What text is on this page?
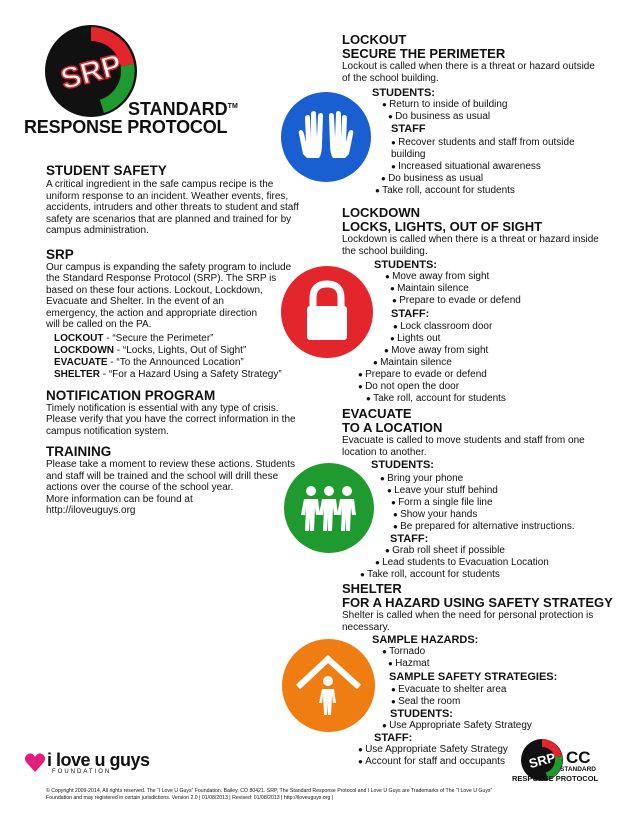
SRP
STANDARD™
RESPONSE PROTOCOL
STUDENT SAFETY
A critical ingredient in the safe campus recipe is the
uniform response to an incident. Weather events, fires,
accidents, intruders and other threats to student and staff
safety are scenarios that are planned and trained for by
campus administration.
SRP
Our campus is expanding the safety program to include
the Standard Response Protocol (SRP). The SRP is
based on these four actions. Lockout, Lockdown,
Evacuate and Shelter. In the event of an
emergency, the action and appropriate direction
will be called on the PA.
LOCKOUT - “Secure the Perimeter”
LOCKDOWN - “Locks, Lights, Out of Sight”
EVACUATE - “To the Announced Location”
SHELTER - “For a Hazard Using a Safety Strategy”
NOTIFICATION PROGRAM
Timely notification is essential with any type of crisis.
Please verify that you have the correct information in the
campus notification system.
TRAINING
Please take a moment to review these actions. Students
and staff will be trained and the school will drill these
actions over the course of the school year.
More information can be found at
http://iloveuguys.org
LOCKOUT
SECURE THE PERIMETER
Lockout is called when there is a threat or hazard outside
of the school building.
STUDENTS:
● Return to inside of building
● Do business as usual
STAFF
● Recover students and staff from outside
building
● Increased situational awareness
● Do business as usual
● Take roll, account for students
LOCKDOWN
LOCKS, LIGHTS, OUT OF SIGHT
Lockdown is called when there is a threat or hazard inside
the school building.
STUDENTS:
● Move away from sight
● Maintain silence
● Prepare to evade or defend
STAFF:
● Lock classroom door
● Lights out
● Move away from sight
● Maintain silence
● Prepare to evade or defend
● Do not open the door
● Take roll, account for students
EVACUATE
TO A LOCATION
Evacuate is called to move students and staff from one
location to another.
STUDENTS:
● Bring your phone
● Leave your stuff behind
● Form a single file line
● Show your hands
● Be prepared for alternative instructions.
STAFF:
● Grab roll sheet if possible
● Lead students to Evacuation Location
● Take roll, account for students
SHELTER
FOR A HAZARD USING SAFETY STRATEGY
Shelter is called when the need for personal protection is
necessary.
SAMPLE HAZARDS:
● Tornado
● Hazmat
SAMPLE SAFETY STRATEGIES:
● Evacuate to shelter area
● Seal the room
STUDENTS:
● Use Appropriate Safety Strategy
STAFF:
● Use Appropriate Safety Strategy
● Account for staff and occupants
i love u guys
FOUNDATION
SRP CC
STANDARD
RESPONSE PROTOCOL
© Copyright 2009-2014, All rights reserved. The “I Love U Guys” Foundation. Bailey, CO 80421. SRP, The Standard Response Protocol and I Love U Guys are Trademarks of The “I Love U Guys”
Foundation and may registered in certain jurisdictions. Version 2.0 | 01/08/2013 | Revised: 01/08/2013 | http://iloveuguys.org |
